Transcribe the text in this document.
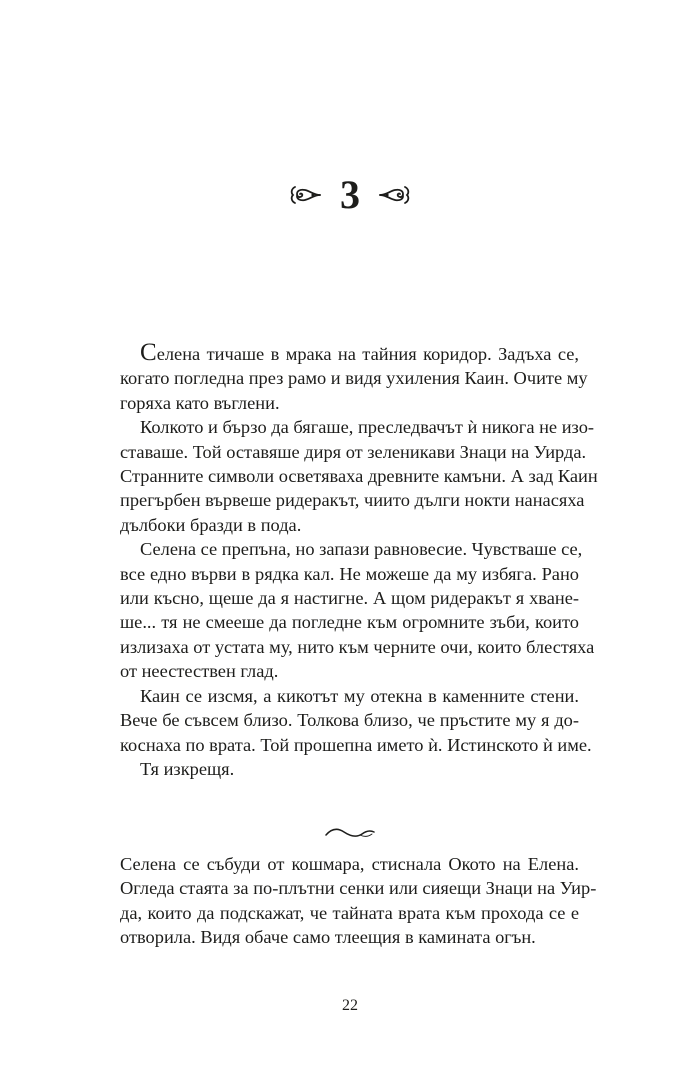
3

Селена тичаше в мрака на тайния коридор. Задъха се,
когато погледна през рамо и видя ухиления Каин. Очите му
горяха като въглени.

Колкото и бързо да бягаше, преследвачът ѝ никога не изо-
ставаше. Той оставяше диря от зеленикави Знаци на Уирда.
Странните символи осветяваха древните камъни. А зад Каин
прегърбен вървеше ридеракът, чиито дълги нокти нанасяха
дълбоки бразди в пода.

Селена се препъна, но запази равновесие. Чувстваше се,
все едно върви в рядка кал. Не можеше да му избяга. Рано
или късно, щеше да я настигне. А щом ридеракът я хване-
ше... тя не смееше да погледне към огромните зъби, които
излизаха от устата му, нито към черните очи, които блестяха
от неестествен глад.

Каин се изсмя, а кикотът му отекна в каменните стени.
Вече бе съвсем близо. Толкова близо, че пръстите му я до-
коснаха по врата. Той прошепна името ѝ. Истинското ѝ име.

Тя изкрещя.

Селена се събуди от кошмара, стиснала Окото на Елена.
Огледа стаята за по-плътни сенки или сияещи Знаци на Уир-
да, които да подскажат, че тайната врата към прохода се е
отворила. Видя обаче само тлеещия в камината огън.

22
